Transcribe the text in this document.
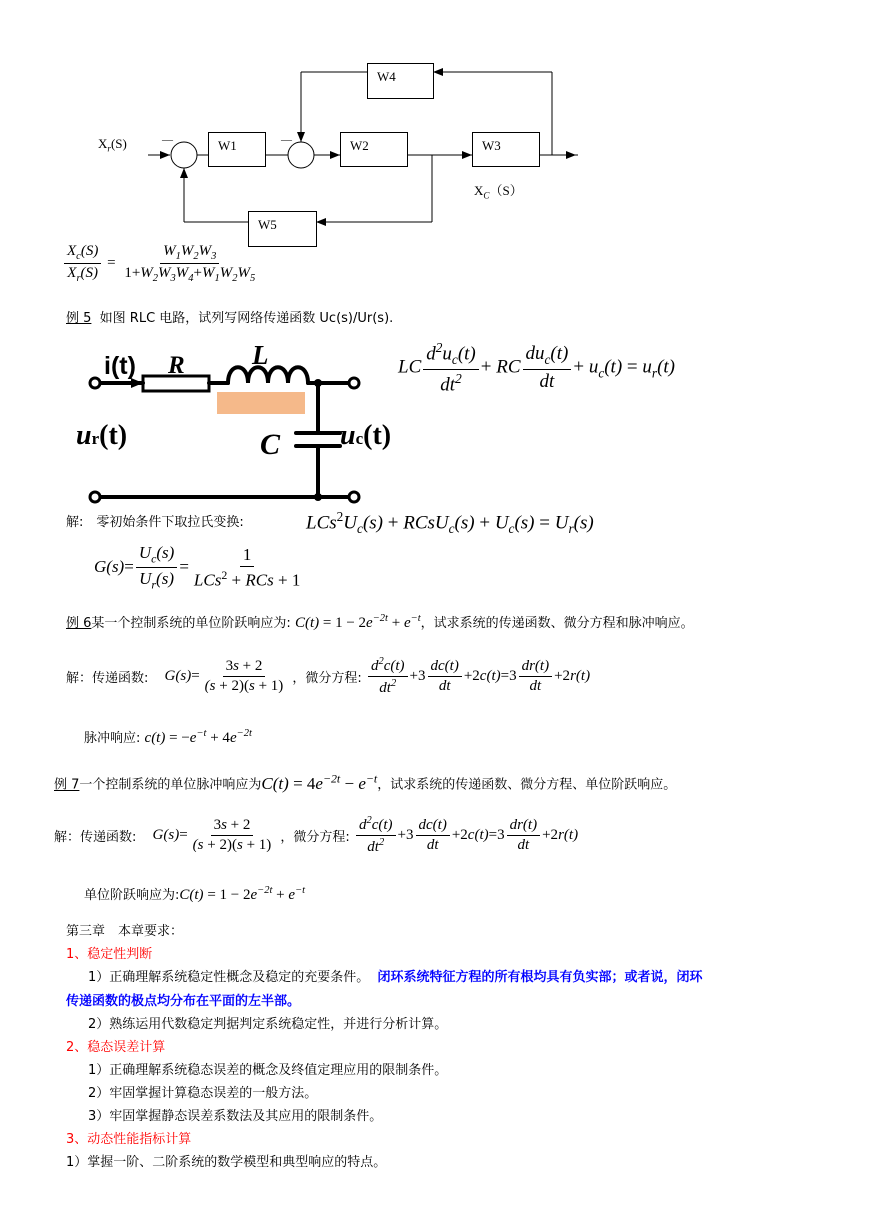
—	—
$X_r(S)$
$X_C(S)$
W4
W1	W2	W3
W5
$\frac{X_c(S)}{X_r(S)} = \frac{W_1W_2W_3}{1+W_2W_3W_4+W_1W_2W_5}$
例 5 如图 RLC 电路，试列写网络传递函数 Uc(s)/Ur(s).
i(t) R L
C
ur(t)	uc(t)
LC $\frac{d^2u_c(t)}{dt^2}$ + RC $\frac{du_c(t)}{dt} + u_c(t) = u_r(t)$
解:　零初始条件下取拉氏变换:	$LCs^2U_c(s)$ + RCsU$_c$(s) + $U_c(s) = U_r(s)$
$G(s)= \frac{U_c(s)}{U_r(s)} = \frac{1}{LCs^2 + RCs + 1}$
例 6某一个控制系统的单位阶跃响应为: $C(t) = 1 - 2e^{-2t} + e^{-t}$，试求系统的传递函数、微分方程和脉冲响应。
解：传递函数: $G(s)= \frac{3s + 2}{(s + 2)(s + 1)}$ ，微分方程: $\frac{d^2c(t)}{dt^2} +3 \frac{dc(t)}{dt} +2c(t)=3 \frac{dr(t)}{dt} +2r(t)$
脉冲响应: $c(t) = -e^{-t} + 4e^{-2t}$
例 7一个控制系统的单位脉冲响应为$C(t) = 4e^{-2t} - e^{-t}$，试求系统的传递函数、微分方程、单位阶跃响应。
解：传递函数: $G(s)= \frac{3s + 2}{(s + 2)(s + 1)}$ ，微分方程: $\frac{d^2c(t)}{dt^2} +3 \frac{dc(t)}{dt} +2c(t)=3 \frac{dr(t)}{dt} +2r(t)$
单位阶跃响应为:C(t) = $1 - 2e^{-2t} + e^{-t}$
第三章　本章要求：
1、稳定性判断
1）正确理解系统稳定性概念及稳定的充要条件。 闭环系统特征方程的所有根均具有负实部；或者说，闭环
传递函数的极点均分布在平面的左半部。
2）熟练运用代数稳定判据判定系统稳定性，并进行分析计算。
2、稳态误差计算
1）正确理解系统稳态误差的概念及终值定理应用的限制条件。
2）牢固掌握计算稳态误差的一般方法。
3）牢固掌握静态误差系数法及其应用的限制条件。
3、动态性能指标计算
1）掌握一阶、二阶系统的数学模型和典型响应的特点。
